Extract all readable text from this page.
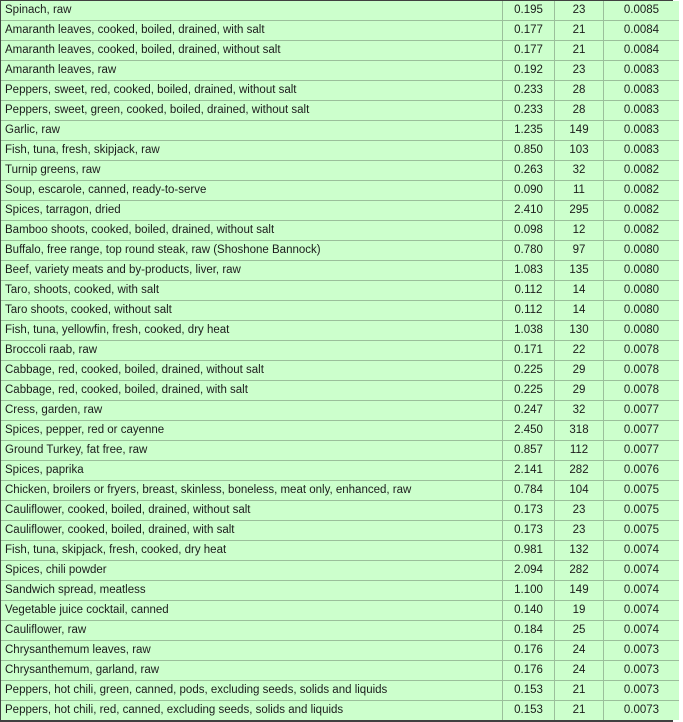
Spinach, raw	0.195	23	0.0085
Amaranth leaves, cooked, boiled, drained, with salt	0.177	21	0.0084
Amaranth leaves, cooked, boiled, drained, without salt	0.177	21	0.0084
Amaranth leaves, raw	0.192	23	0.0083
Peppers, sweet, red, cooked, boiled, drained, without salt	0.233	28	0.0083
Peppers, sweet, green, cooked, boiled, drained, without salt	0.233	28	0.0083
Garlic, raw	1.235	149	0.0083
Fish, tuna, fresh, skipjack, raw	0.850	103	0.0083
Turnip greens, raw	0.263	32	0.0082
Soup, escarole, canned, ready-to-serve	0.090	11	0.0082
Spices, tarragon, dried	2.410	295	0.0082
Bamboo shoots, cooked, boiled, drained, without salt	0.098	12	0.0082
Buffalo, free range, top round steak, raw (Shoshone Bannock)	0.780	97	0.0080
Beef, variety meats and by-products, liver, raw	1.083	135	0.0080
Taro, shoots, cooked, with salt	0.112	14	0.0080
Taro shoots, cooked, without salt	0.112	14	0.0080
Fish, tuna, yellowfin, fresh, cooked, dry heat	1.038	130	0.0080
Broccoli raab, raw	0.171	22	0.0078
Cabbage, red, cooked, boiled, drained, without salt	0.225	29	0.0078
Cabbage, red, cooked, boiled, drained, with salt	0.225	29	0.0078
Cress, garden, raw	0.247	32	0.0077
Spices, pepper, red or cayenne	2.450	318	0.0077
Ground Turkey, fat free, raw	0.857	112	0.0077
Spices, paprika	2.141	282	0.0076
Chicken, broilers or fryers, breast, skinless, boneless, meat only, enhanced, raw	0.784	104	0.0075
Cauliflower, cooked, boiled, drained, without salt	0.173	23	0.0075
Cauliflower, cooked, boiled, drained, with salt	0.173	23	0.0075
Fish, tuna, skipjack, fresh, cooked, dry heat	0.981	132	0.0074
Spices, chili powder	2.094	282	0.0074
Sandwich spread, meatless	1.100	149	0.0074
Vegetable juice cocktail, canned	0.140	19	0.0074
Cauliflower, raw	0.184	25	0.0074
Chrysanthemum leaves, raw	0.176	24	0.0073
Chrysanthemum, garland, raw	0.176	24	0.0073
Peppers, hot chili, green, canned, pods, excluding seeds, solids and liquids	0.153	21	0.0073
Peppers, hot chili, red, canned, excluding seeds, solids and liquids	0.153	21	0.0073
